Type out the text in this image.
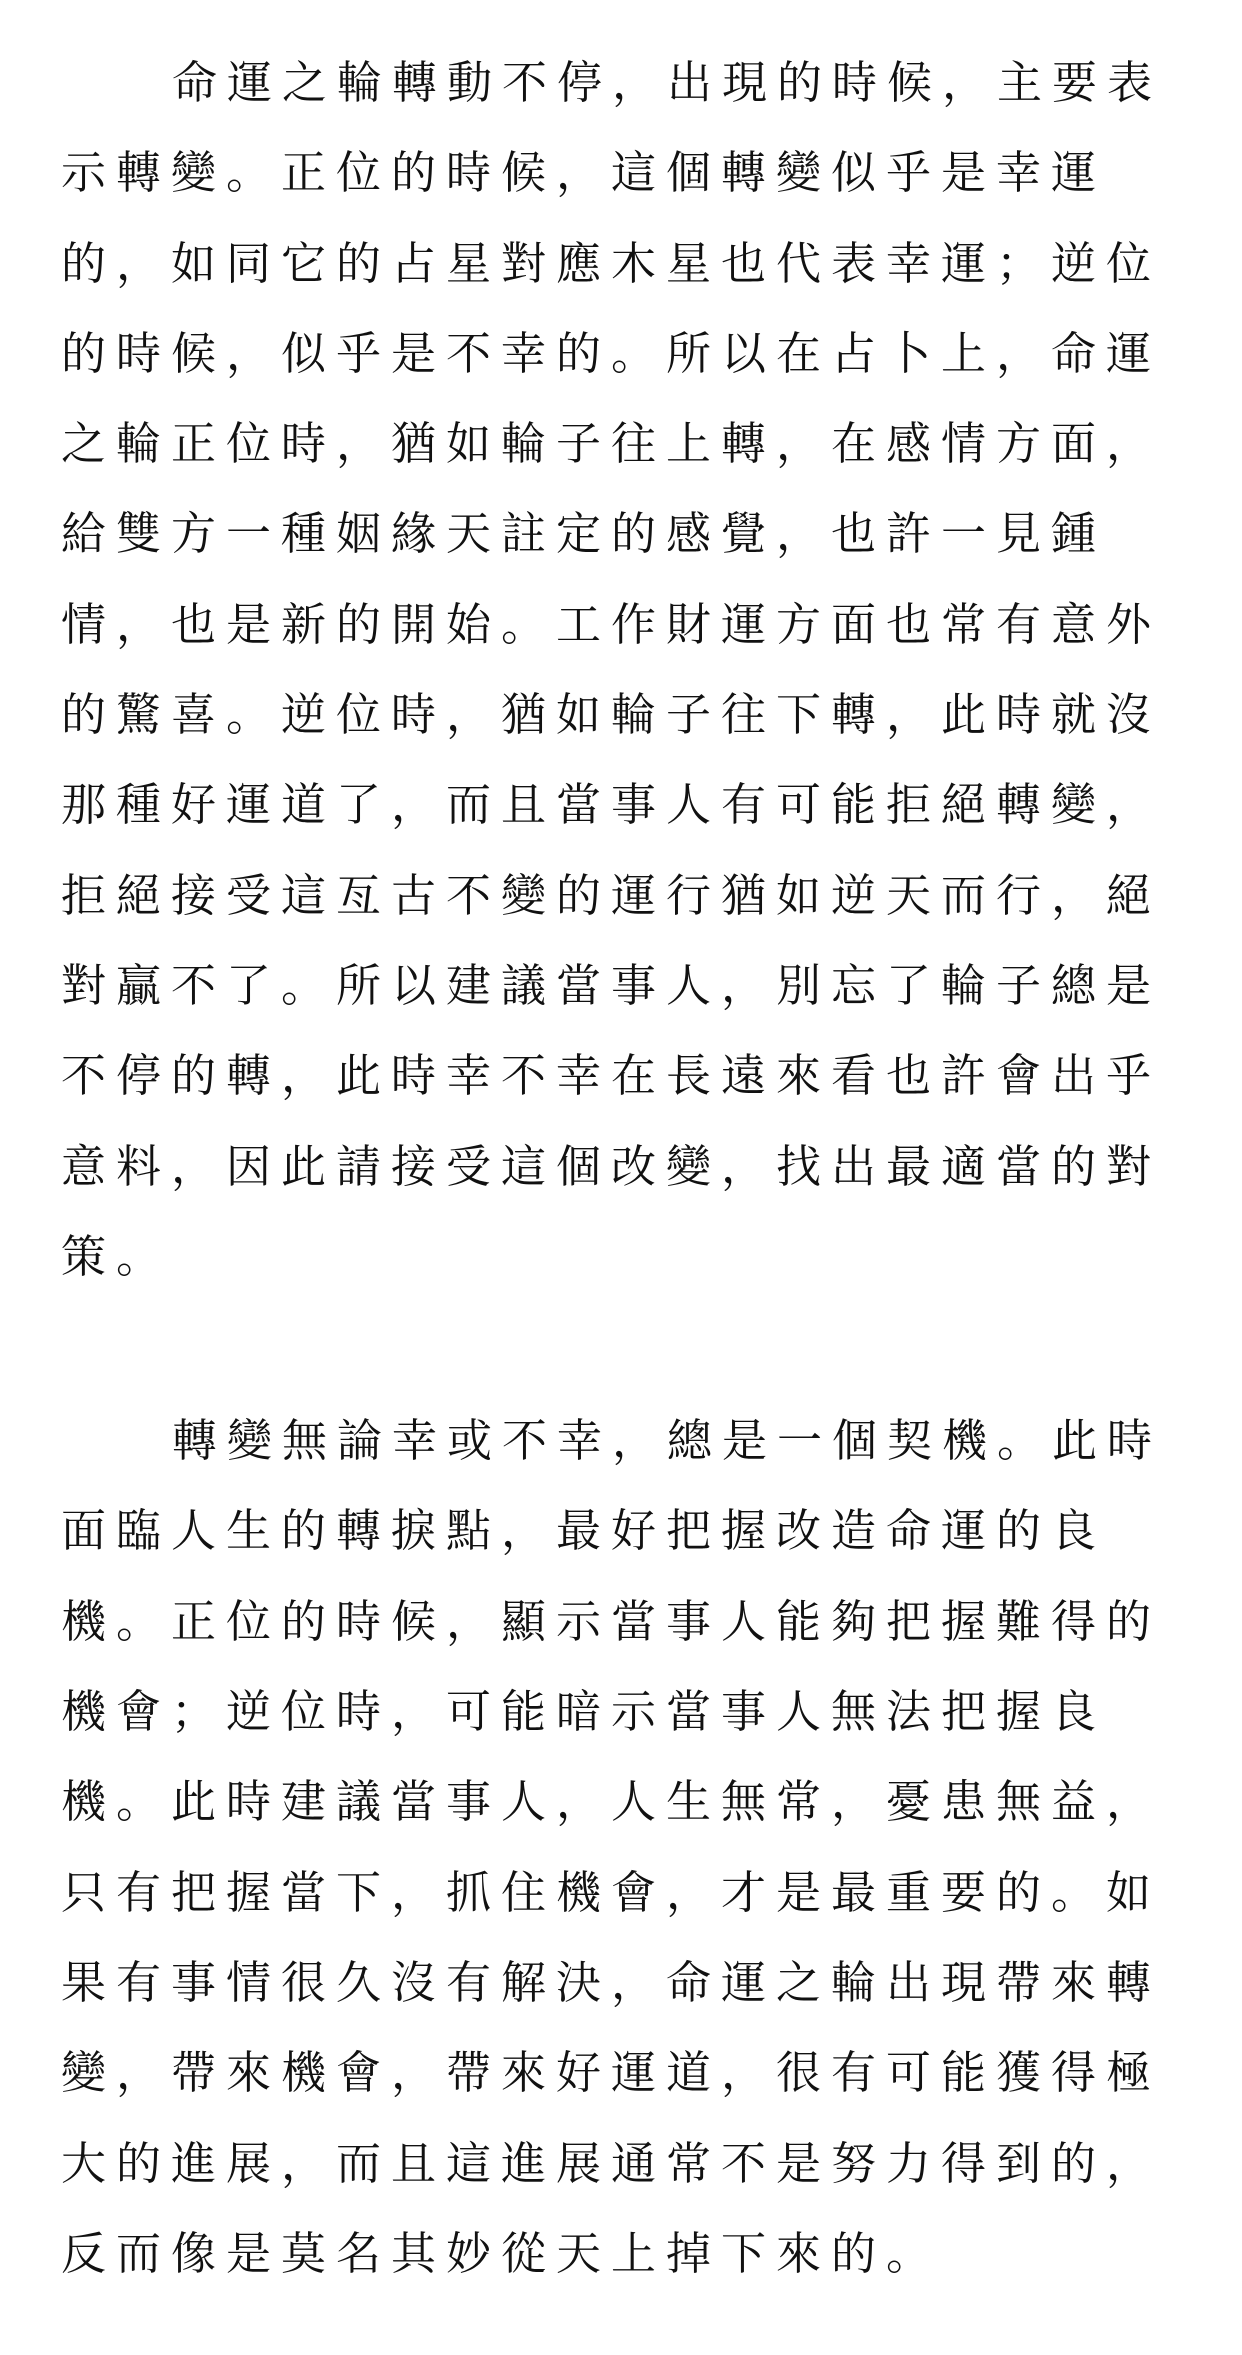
命運之輪轉動不停，出現的時候，主要表
示轉變。正位的時候，這個轉變似乎是幸運
的，如同它的占星對應木星也代表幸運；逆位
的時候，似乎是不幸的。所以在占卜上，命運
之輪正位時，猶如輪子往上轉，在感情方面，
給雙方一種姻緣天註定的感覺，也許一見鍾
情，也是新的開始。工作財運方面也常有意外
的驚喜。逆位時，猶如輪子往下轉，此時就沒
那種好運道了，而且當事人有可能拒絕轉變，
拒絕接受這亙古不變的運行猶如逆天而行，絕
對贏不了。所以建議當事人，別忘了輪子總是
不停的轉，此時幸不幸在長遠來看也許會出乎
意料，因此請接受這個改變，找出最適當的對
策。
轉變無論幸或不幸，總是一個契機。此時
面臨人生的轉捩點，最好把握改造命運的良
機。正位的時候，顯示當事人能夠把握難得的
機會；逆位時，可能暗示當事人無法把握良
機。此時建議當事人，人生無常，憂患無益，
只有把握當下，抓住機會，才是最重要的。如
果有事情很久沒有解決，命運之輪出現帶來轉
變，帶來機會，帶來好運道，很有可能獲得極
大的進展，而且這進展通常不是努力得到的，
反而像是莫名其妙從天上掉下來的。
